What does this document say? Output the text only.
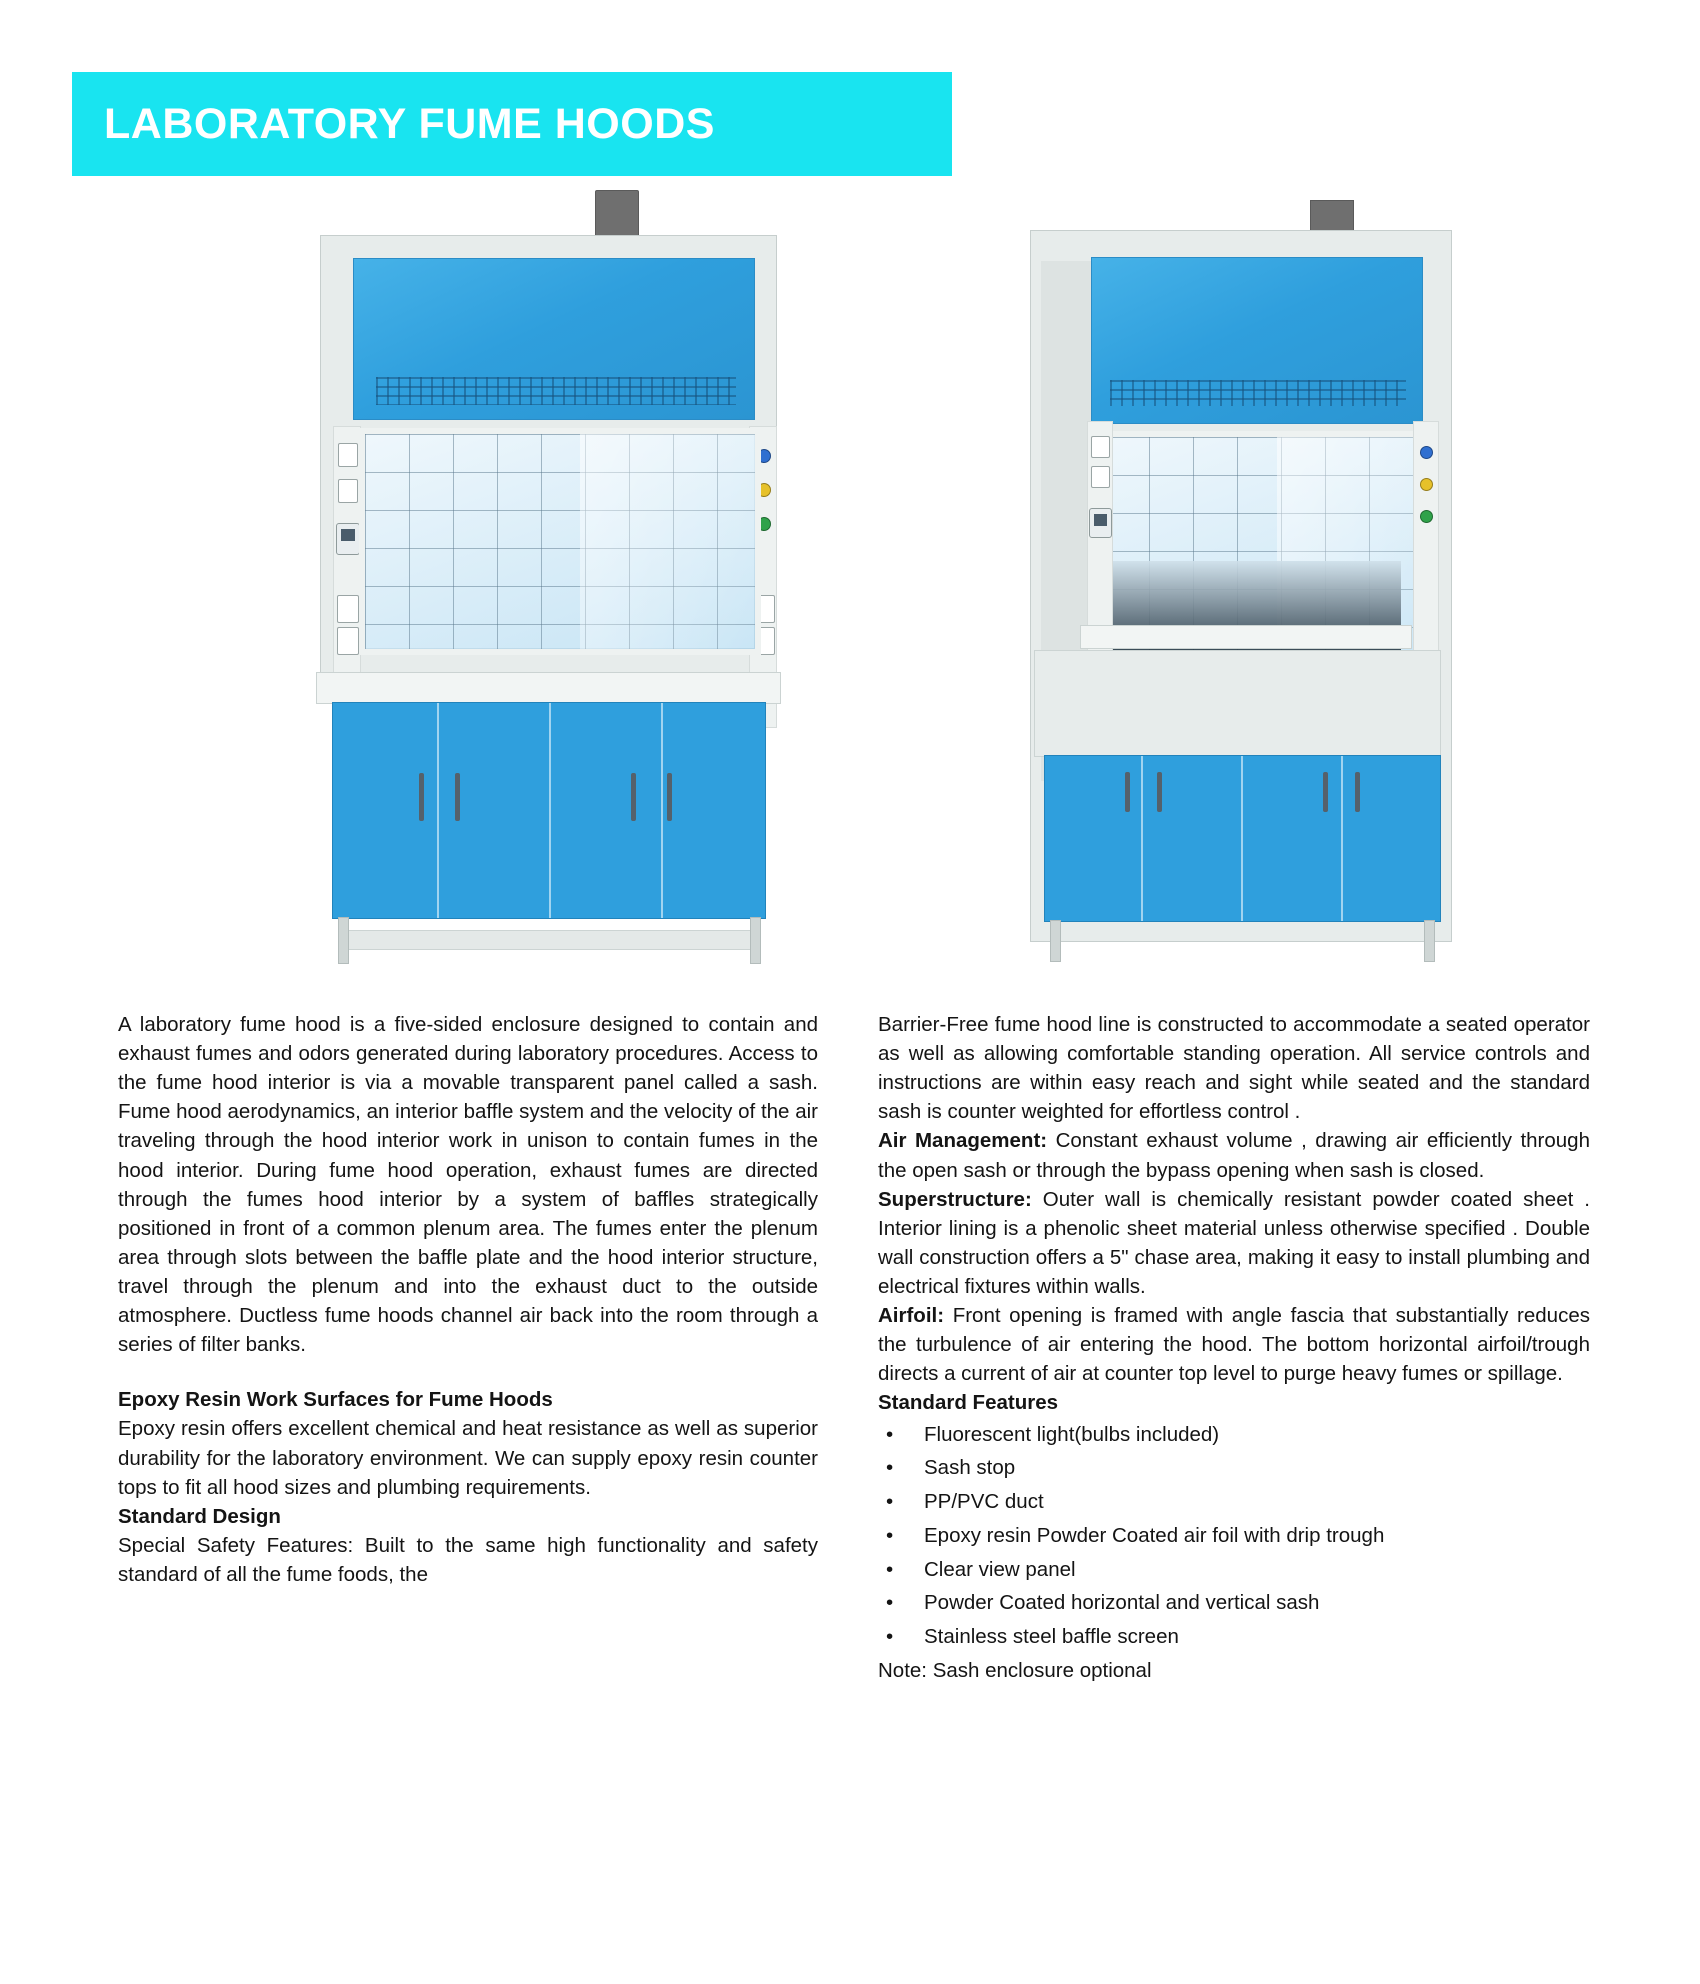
LABORATORY FUME HOODS

A laboratory fume hood is a five-sided enclosure designed to contain and exhaust fumes and odors generated during laboratory procedures. Access to the fume hood interior is via a movable transparent panel called a sash. Fume hood aerodynamics, an interior baffle system and the velocity of the air traveling through the hood interior work in unison to contain fumes in the hood interior. During fume hood operation, exhaust fumes are directed through the fumes hood interior by a system of baffles strategically positioned in front of a common plenum area. The fumes enter the plenum area through slots between the baffle plate and the hood interior structure, travel through the plenum and into the exhaust duct to the outside atmosphere. Ductless fume hoods channel air back into the room through a series of filter banks.

Epoxy Resin Work Surfaces for Fume Hoods

Epoxy resin offers excellent chemical and heat resistance as well as superior durability for the laboratory environment. We can supply epoxy resin counter tops to fit all hood sizes and plumbing requirements.

Standard Design

Special Safety Features: Built to the same high functionality and safety standard of all the fume foods, the

Barrier-Free fume hood line is constructed to accommodate a seated operator as well as allowing comfortable standing operation. All service controls and instructions are within easy reach and sight while seated and the standard sash is counter weighted for effortless control .

Air Management: Constant exhaust volume , drawing air efficiently through the open sash or through the bypass opening when sash is closed.

Superstructure: Outer wall is chemically resistant powder coated sheet . Interior lining is a phenolic sheet material unless otherwise specified . Double wall construction offers a 5" chase area, making it easy to install plumbing and electrical fixtures within walls.

Airfoil: Front opening is framed with angle fascia that substantially reduces the turbulence of air entering the hood. The bottom horizontal airfoil/trough directs a current of air at counter top level to purge heavy fumes or spillage.

Standard Features
• Fluorescent light(bulbs included)
• Sash stop
• PP/PVC duct
• Epoxy resin Powder Coated air foil with drip trough
• Clear view panel
• Powder Coated horizontal and vertical sash
• Stainless steel baffle screen

Note: Sash enclosure optional
